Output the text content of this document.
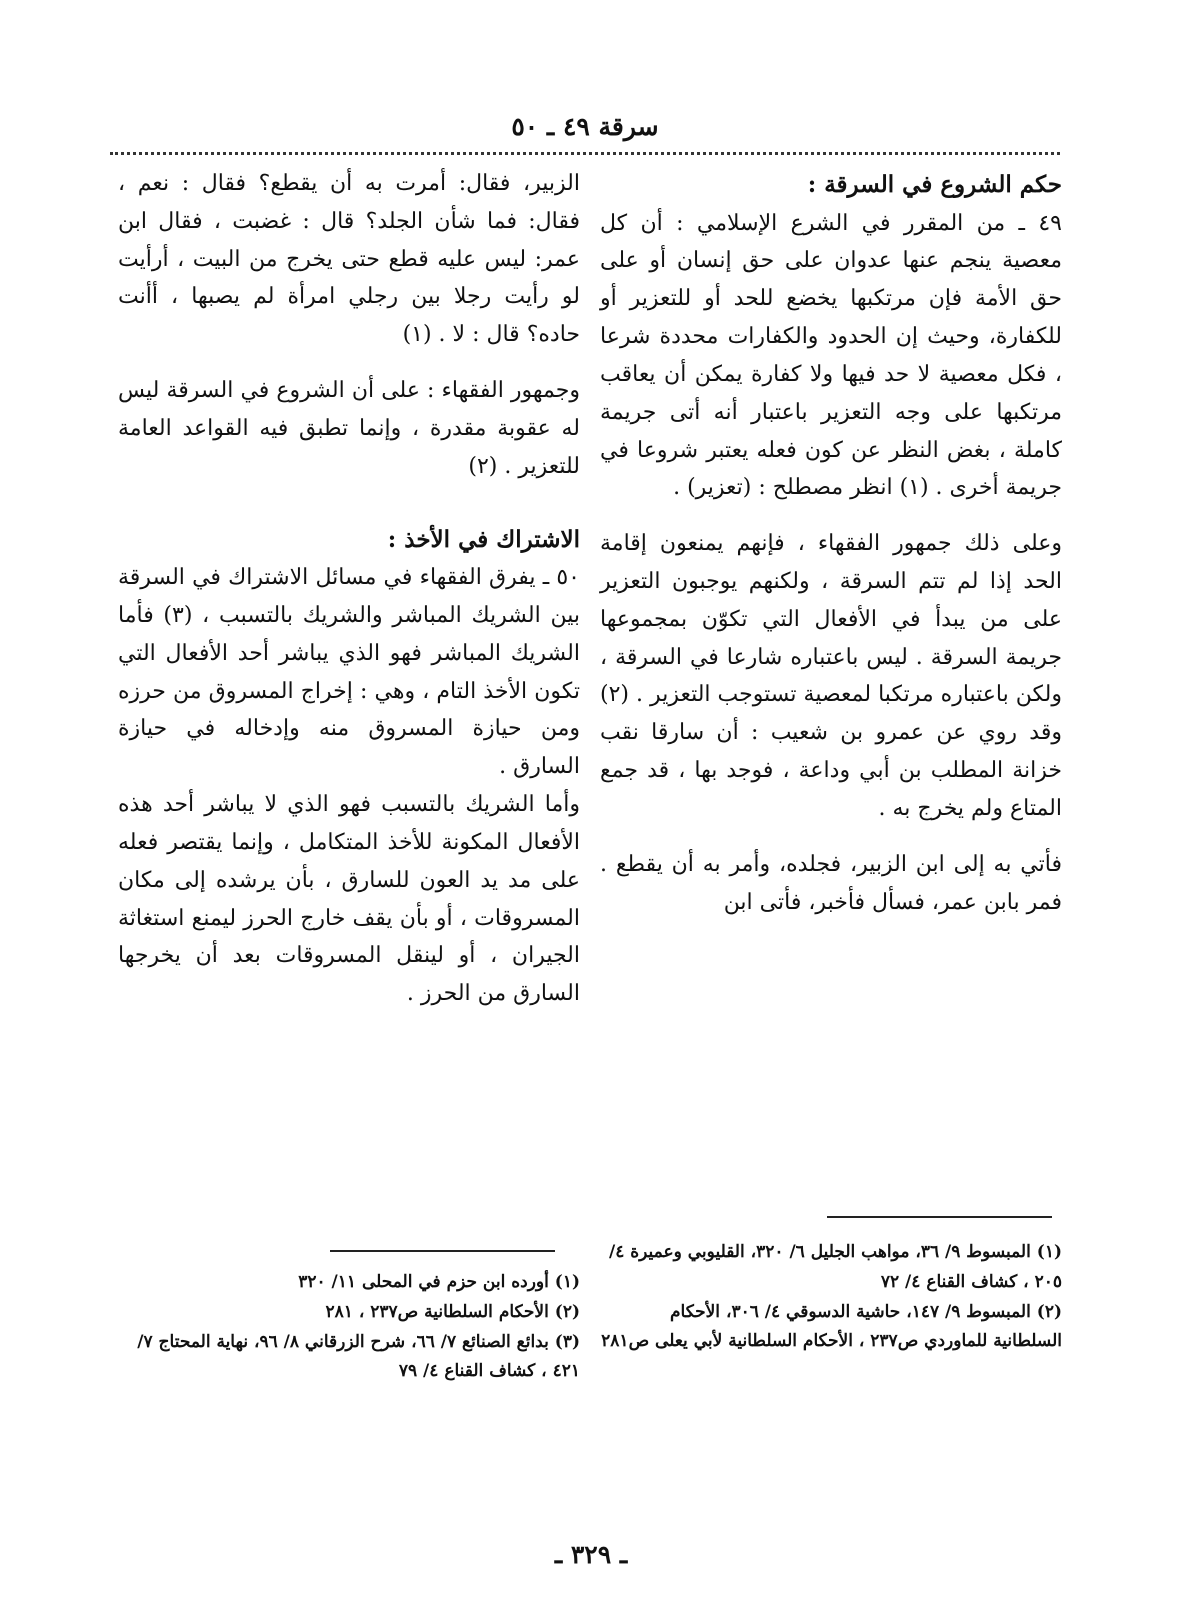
سرقة ٤٩ ـ ٥٠

حكم الشروع في السرقة :

٤٩ ـ من المقرر في الشرع الإسلامي : أن كل معصية ينجم عنها عدوان على حق إنسان أو على حق الأمة فإن مرتكبها يخضع للحد أو للتعزير أو للكفارة، وحيث إن الحدود والكفارات محددة شرعا ، فكل معصية لا حد فيها ولا كفارة يمكن أن يعاقب مرتكبها على وجه التعزير باعتبار أنه أتى جريمة كاملة ، بغض النظر عن كون فعله يعتبر شروعا في جريمة أخرى . (١) انظر مصطلح : (تعزير) .

وعلى ذلك جمهور الفقهاء ، فإنهم يمنعون إقامة الحد إذا لم تتم السرقة ، ولكنهم يوجبون التعزير على من يبدأ في الأفعال التي تكوّن بمجموعها جريمة السرقة . ليس باعتباره شارعا في السرقة ، ولكن باعتباره مرتكبا لمعصية تستوجب التعزير . (٢) وقد روي عن عمرو بن شعيب : أن سارقا نقب خزانة المطلب بن أبي وداعة ، فوجد بها ، قد جمع المتاع ولم يخرج به .

فأتي به إلى ابن الزبير، فجلده، وأمر به أن يقطع . فمر بابن عمر، فسأل فأخبر، فأتى ابن

الزبير، فقال: أمرت به أن يقطع؟ فقال : نعم ، فقال: فما شأن الجلد؟ قال : غضبت ، فقال ابن عمر: ليس عليه قطع حتى يخرج من البيت ، أرأيت لو رأيت رجلا بين رجلي امرأة لم يصبها ، أأنت حاده؟ قال : لا . (١)

وجمهور الفقهاء : على أن الشروع في السرقة ليس له عقوبة مقدرة ، وإنما تطبق فيه القواعد العامة للتعزير . (٢)

الاشتراك في الأخذ :

٥٠ ـ يفرق الفقهاء في مسائل الاشتراك في السرقة بين الشريك المباشر والشريك بالتسبب ، (٣) فأما الشريك المباشر فهو الذي يباشر أحد الأفعال التي تكون الأخذ التام ، وهي : إخراج المسروق من حرزه ومن حيازة المسروق منه وإدخاله في حيازة السارق .

وأما الشريك بالتسبب فهو الذي لا يباشر أحد هذه الأفعال المكونة للأخذ المتكامل ، وإنما يقتصر فعله على مد يد العون للسارق ، بأن يرشده إلى مكان المسروقات ، أو بأن يقف خارج الحرز ليمنع استغاثة الجيران ، أو لينقل المسروقات بعد أن يخرجها السارق من الحرز .

(١) المبسوط ٩/ ٣٦، مواهب الجليل ٦/ ٣٢٠، القليوبي وعميرة ٤/ ٢٠٥ ، كشاف القناع ٤/ ٧٢

(٢) المبسوط ٩/ ١٤٧، حاشية الدسوقي ٤/ ٣٠٦، الأحكام السلطانية للماوردي ص٢٣٧ ، الأحكام السلطانية لأبي يعلى ص٢٨١

(١) أورده ابن حزم في المحلى ١١/ ٣٢٠

(٢) الأحكام السلطانية ص٢٣٧ ، ٢٨١

(٣) بدائع الصنائع ٧/ ٦٦، شرح الزرقاني ٨/ ٩٦، نهاية المحتاج ٧/ ٤٢١ ، كشاف القناع ٤/ ٧٩

ـ ٣٢٩ ـ
